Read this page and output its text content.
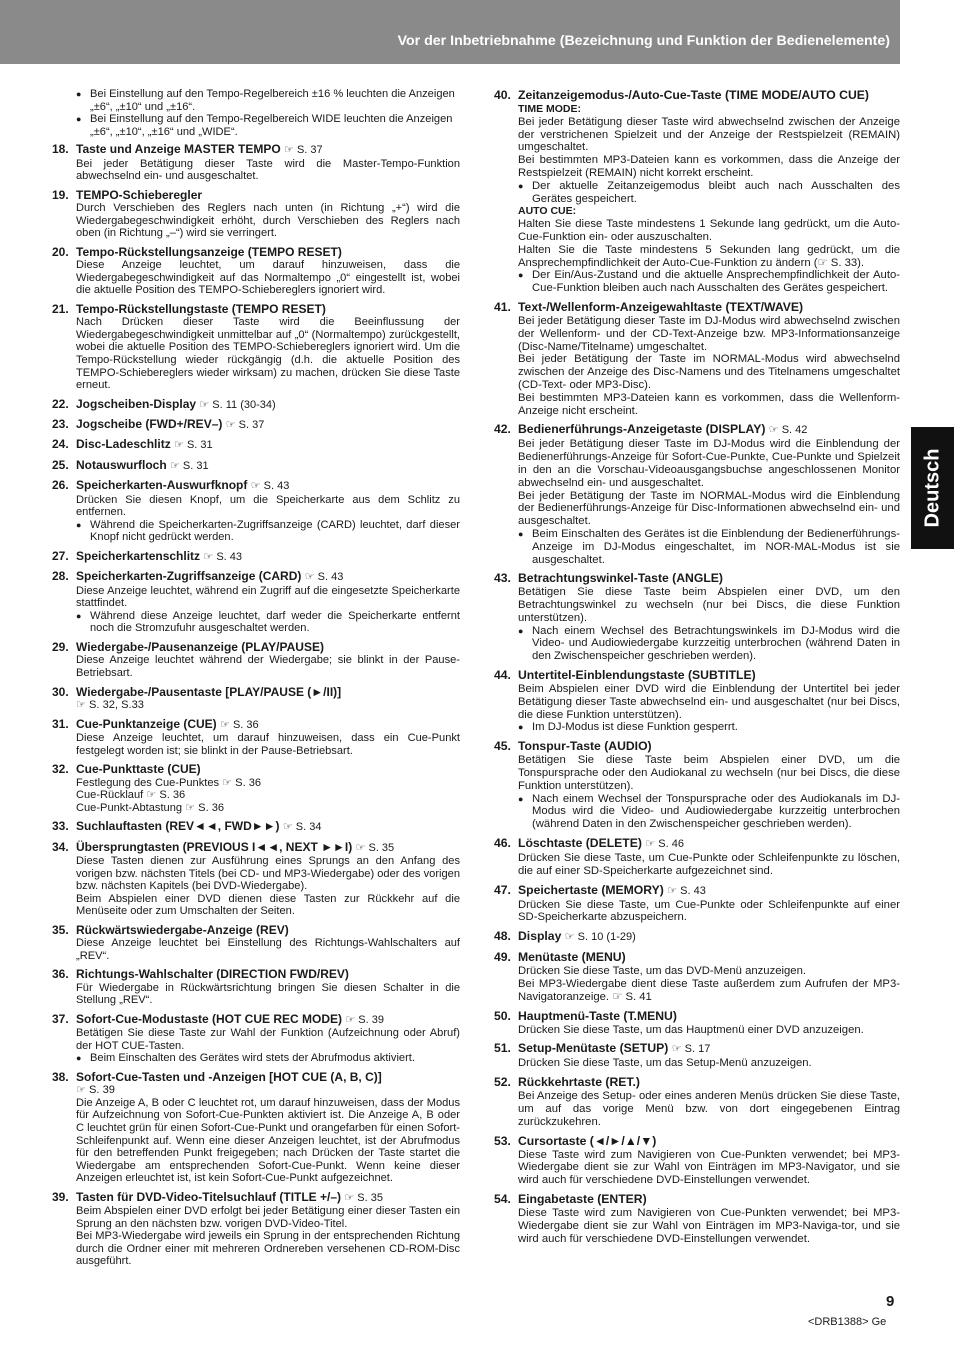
Vor der Inbetriebnahme (Bezeichnung und Funktion der Bedienelemente)
Deutsch
● Bei Einstellung auf den Tempo-Regelbereich ±16 % leuchten die Anzeigen „±6“, „±10“ und „±16“.
● Bei Einstellung auf den Tempo-Regelbereich WIDE leuchten die Anzeigen „±6“, „±10“, „±16“ und „WIDE“.
18. Taste und Anzeige MASTER TEMPO ☞ S. 37
Bei jeder Betätigung dieser Taste wird die Master-Tempo-Funktion abwechselnd ein- und ausgeschaltet.
19. TEMPO-Schieberegler
Durch Verschieben des Reglers nach unten (in Richtung „+“) wird die Wiedergabegeschwindigkeit erhöht, durch Verschieben des Reglers nach oben (in Richtung „–“) wird sie verringert.
20. Tempo-Rückstellungsanzeige (TEMPO RESET)
Diese Anzeige leuchtet, um darauf hinzuweisen, dass die Wiedergabegeschwindigkeit auf das Normaltempo „0“ eingestellt ist, wobei die aktuelle Position des TEMPO-Schiebereglers ignoriert wird.
21. Tempo-Rückstellungstaste (TEMPO RESET)
Nach Drücken dieser Taste wird die Beeinflussung der Wiedergabegeschwindigkeit unmittelbar auf „0“ (Normaltempo) zurückgestellt, wobei die aktuelle Position des TEMPO-Schiebereglers ignoriert wird. Um die Tempo-Rückstellung wieder rückgängig (d.h. die aktuelle Position des TEMPO-Schiebereglers wieder wirksam) zu machen, drücken Sie diese Taste erneut.
22. Jogscheiben-Display ☞ S. 11 (30-34)
23. Jogscheibe (FWD+/REV–) ☞ S. 37
24. Disc-Ladeschlitz ☞ S. 31
25. Notauswurfloch ☞ S. 31
26. Speicherkarten-Auswurfknopf ☞ S. 43
Drücken Sie diesen Knopf, um die Speicherkarte aus dem Schlitz zu entfernen.
● Während die Speicherkarten-Zugriffsanzeige (CARD) leuchtet, darf dieser Knopf nicht gedrückt werden.
27. Speicherkartenschlitz ☞ S. 43
28. Speicherkarten-Zugriffsanzeige (CARD) ☞ S. 43
Diese Anzeige leuchtet, während ein Zugriff auf die eingesetzte Speicherkarte stattfindet.
● Während diese Anzeige leuchtet, darf weder die Speicherkarte entfernt noch die Stromzufuhr ausgeschaltet werden.
29. Wiedergabe-/Pausenanzeige (PLAY/PAUSE)
Diese Anzeige leuchtet während der Wiedergabe; sie blinkt in der Pause-Betriebsart.
30. Wiedergabe-/Pausentaste [PLAY/PAUSE (►/II)]
☞ S. 32, S.33
31. Cue-Punktanzeige (CUE) ☞ S. 36
Diese Anzeige leuchtet, um darauf hinzuweisen, dass ein Cue-Punkt festgelegt worden ist; sie blinkt in der Pause-Betriebsart.
32. Cue-Punkttaste (CUE)
Festlegung des Cue-Punktes ☞ S. 36
Cue-Rücklauf ☞ S. 36
Cue-Punkt-Abtastung ☞ S. 36
33. Suchlauftasten (REV◄◄, FWD►►) ☞ S. 34
34. Übersprungtasten (PREVIOUS I◄◄, NEXT ►►I) ☞ S. 35
Diese Tasten dienen zur Ausführung eines Sprungs an den Anfang des vorigen bzw. nächsten Titels (bei CD- und MP3-Wiedergabe) oder des vorigen bzw. nächsten Kapitels (bei DVD-Wiedergabe).
Beim Abspielen einer DVD dienen diese Tasten zur Rückkehr auf die Menüseite oder zum Umschalten der Seiten.
35. Rückwärtswiedergabe-Anzeige (REV)
Diese Anzeige leuchtet bei Einstellung des Richtungs-Wahlschalters auf „REV“.
36. Richtungs-Wahlschalter (DIRECTION FWD/REV)
Für Wiedergabe in Rückwärtsrichtung bringen Sie diesen Schalter in die Stellung „REV“.
37. Sofort-Cue-Modustaste (HOT CUE REC MODE) ☞ S. 39
Betätigen Sie diese Taste zur Wahl der Funktion (Aufzeichnung oder Abruf) der HOT CUE-Tasten.
● Beim Einschalten des Gerätes wird stets der Abrufmodus aktiviert.
38. Sofort-Cue-Tasten und -Anzeigen [HOT CUE (A, B, C)]
☞ S. 39
Die Anzeige A, B oder C leuchtet rot, um darauf hinzuweisen, dass der Modus für Aufzeichnung von Sofort-Cue-Punkten aktiviert ist. Die Anzeige A, B oder C leuchtet grün für einen Sofort-Cue-Punkt und orangefarben für einen Sofort-Schleifenpunkt auf. Wenn eine dieser Anzeigen leuchtet, ist der Abrufmodus für den betreffenden Punkt freigegeben; nach Drücken der Taste startet die Wiedergabe am entsprechenden Sofort-Cue-Punkt. Wenn keine dieser Anzeigen erleuchtet ist, ist kein Sofort-Cue-Punkt aufgezeichnet.
39. Tasten für DVD-Video-Titelsuchlauf (TITLE +/–) ☞ S. 35
Beim Abspielen einer DVD erfolgt bei jeder Betätigung einer dieser Tasten ein Sprung an den nächsten bzw. vorigen DVD-Video-Titel.
Bei MP3-Wiedergabe wird jeweils ein Sprung in der entsprechenden Richtung durch die Ordner einer mit mehreren Ordnereben versehenen CD-ROM-Disc ausgeführt.
40. Zeitanzeigemodus-/Auto-Cue-Taste (TIME MODE/AUTO CUE)
TIME MODE:
Bei jeder Betätigung dieser Taste wird abwechselnd zwischen der Anzeige der verstrichenen Spielzeit und der Anzeige der Restspielzeit (REMAIN) umgeschaltet.
Bei bestimmten MP3-Dateien kann es vorkommen, dass die Anzeige der Restspielzeit (REMAIN) nicht korrekt erscheint.
● Der aktuelle Zeitanzeigemodus bleibt auch nach Ausschalten des Gerätes gespeichert.
AUTO CUE:
Halten Sie diese Taste mindestens 1 Sekunde lang gedrückt, um die Auto-Cue-Funktion ein- oder auszuschalten.
Halten Sie die Taste mindestens 5 Sekunden lang gedrückt, um die Ansprechempfindlichkeit der Auto-Cue-Funktion zu ändern (☞ S. 33).
● Der Ein/Aus-Zustand und die aktuelle Ansprechempfindlichkeit der Auto-Cue-Funktion bleiben auch nach Ausschalten des Gerätes gespeichert.
41. Text-/Wellenform-Anzeigewahltaste (TEXT/WAVE)
Bei jeder Betätigung dieser Taste im DJ-Modus wird abwechselnd zwischen der Wellenform- und der CD-Text-Anzeige bzw. MP3-Informationsanzeige (Disc-Name/Titelname) umgeschaltet.
Bei jeder Betätigung der Taste im NORMAL-Modus wird abwechselnd zwischen der Anzeige des Disc-Namens und des Titelnamens umgeschaltet (CD-Text- oder MP3-Disc).
Bei bestimmten MP3-Dateien kann es vorkommen, dass die Wellenform-Anzeige nicht erscheint.
42. Bedienerführungs-Anzeigetaste (DISPLAY) ☞ S. 42
Bei jeder Betätigung dieser Taste im DJ-Modus wird die Einblendung der Bedienerführungs-Anzeige für Sofort-Cue-Punkte, Cue-Punkte und Spielzeit in den an die Vorschau-Videoausgangsbuchse angeschlossenen Monitor abwechselnd ein- und ausgeschaltet.
Bei jeder Betätigung der Taste im NORMAL-Modus wird die Einblendung der Bedienerführungs-Anzeige für Disc-Informationen abwechselnd ein- und ausgeschaltet.
● Beim Einschalten des Gerätes ist die Einblendung der Bedienerführungs-Anzeige im DJ-Modus eingeschaltet, im NOR-MAL-Modus ist sie ausgeschaltet.
43. Betrachtungswinkel-Taste (ANGLE)
Betätigen Sie diese Taste beim Abspielen einer DVD, um den Betrachtungswinkel zu wechseln (nur bei Discs, die diese Funktion unterstützen).
● Nach einem Wechsel des Betrachtungswinkels im DJ-Modus wird die Video- und Audiowiedergabe kurzzeitig unterbrochen (während Daten in den Zwischenspeicher geschrieben werden).
44. Untertitel-Einblendungstaste (SUBTITLE)
Beim Abspielen einer DVD wird die Einblendung der Untertitel bei jeder Betätigung dieser Taste abwechselnd ein- und ausgeschaltet (nur bei Discs, die diese Funktion unterstützen).
● Im DJ-Modus ist diese Funktion gesperrt.
45. Tonspur-Taste (AUDIO)
Betätigen Sie diese Taste beim Abspielen einer DVD, um die Tonspursprache oder den Audiokanal zu wechseln (nur bei Discs, die diese Funktion unterstützen).
● Nach einem Wechsel der Tonspursprache oder des Audiokanals im DJ-Modus wird die Video- und Audiowiedergabe kurzzeitig unterbrochen (während Daten in den Zwischenspeicher geschrieben werden).
46. Löschtaste (DELETE) ☞ S. 46
Drücken Sie diese Taste, um Cue-Punkte oder Schleifenpunkte zu löschen, die auf einer SD-Speicherkarte aufgezeichnet sind.
47. Speichertaste (MEMORY) ☞ S. 43
Drücken Sie diese Taste, um Cue-Punkte oder Schleifenpunkte auf einer SD-Speicherkarte abzuspeichern.
48. Display ☞ S. 10 (1-29)
49. Menütaste (MENU)
Drücken Sie diese Taste, um das DVD-Menü anzuzeigen.
Bei MP3-Wiedergabe dient diese Taste außerdem zum Aufrufen der MP3-Navigatoranzeige. ☞ S. 41
50. Hauptmenü-Taste (T.MENU)
Drücken Sie diese Taste, um das Hauptmenü einer DVD anzuzeigen.
51. Setup-Menütaste (SETUP) ☞ S. 17
Drücken Sie diese Taste, um das Setup-Menü anzuzeigen.
52. Rückkehrtaste (RET.)
Bei Anzeige des Setup- oder eines anderen Menüs drücken Sie diese Taste, um auf das vorige Menü bzw. von dort eingegebenen Eintrag zurückzukehren.
53. Cursortaste (◄/►/▲/▼)
Diese Taste wird zum Navigieren von Cue-Punkten verwendet; bei MP3-Wiedergabe dient sie zur Wahl von Einträgen im MP3-Navigator, und sie wird auch für verschiedene DVD-Einstellungen verwendet.
54. Eingabetaste (ENTER)
Diese Taste wird zum Navigieren von Cue-Punkten verwendet; bei MP3-Wiedergabe dient sie zur Wahl von Einträgen im MP3-Naviga-tor, und sie wird auch für verschiedene DVD-Einstellungen verwendet.
9
<DRB1388> Ge
